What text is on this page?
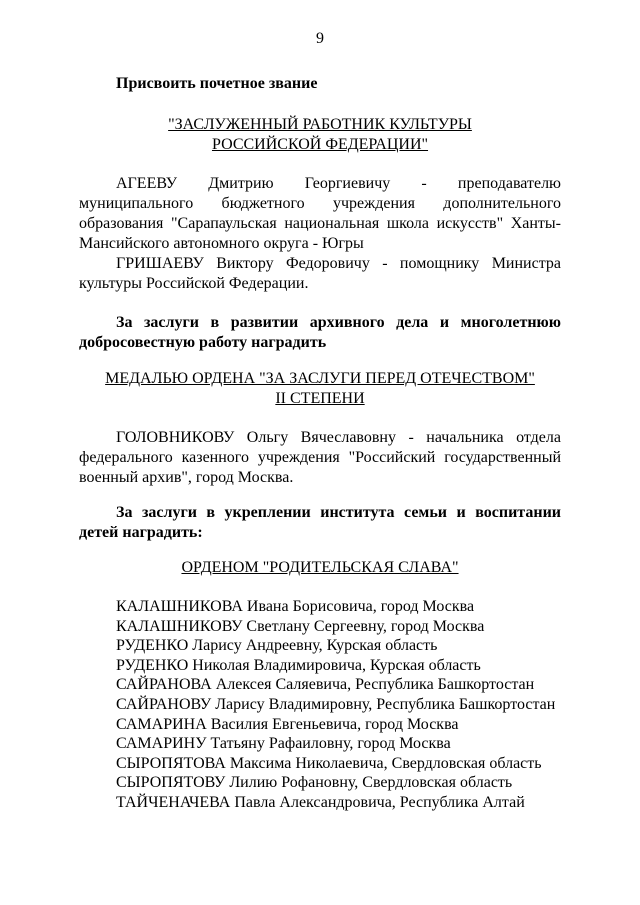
9
Присвоить почетное звание
"ЗАСЛУЖЕННЫЙ РАБОТНИК КУЛЬТУРЫ
РОССИЙСКОЙ ФЕДЕРАЦИИ"
АГЕЕВУ Дмитрию Георгиевичу - преподавателю
муниципального бюджетного учреждения дополнительного
образования "Сарапаульская национальная школа искусств" Ханты-
Мансийского автономного округа - Югры
ГРИШАЕВУ Виктору Федоровичу - помощнику Министра
культуры Российской Федерации.
За заслуги в развитии архивного дела и многолетнюю
добросовестную работу наградить
МЕДАЛЬЮ ОРДЕНА "ЗА ЗАСЛУГИ ПЕРЕД ОТЕЧЕСТВОМ"
II СТЕПЕНИ
ГОЛОВНИКОВУ Ольгу Вячеславовну - начальника отдела
федерального казенного учреждения "Российский государственный
военный архив", город Москва.
За заслуги в укреплении института семьи и воспитании
детей наградить:
ОРДЕНОМ "РОДИТЕЛЬСКАЯ СЛАВА"
КАЛАШНИКОВА Ивана Борисовича, город Москва
КАЛАШНИКОВУ Светлану Сергеевну, город Москва
РУДЕНКО Ларису Андреевну, Курская область
РУДЕНКО Николая Владимировича, Курская область
САЙРАНОВА Алексея Саляевича, Республика Башкортостан
САЙРАНОВУ Ларису Владимировну, Республика Башкортостан
САМАРИНА Василия Евгеньевича, город Москва
САМАРИНУ Татьяну Рафаиловну, город Москва
СЫРОПЯТОВА Максима Николаевича, Свердловская область
СЫРОПЯТОВУ Лилию Рофановну, Свердловская область
ТАЙЧЕНАЧЕВА Павла Александровича, Республика Алтай
